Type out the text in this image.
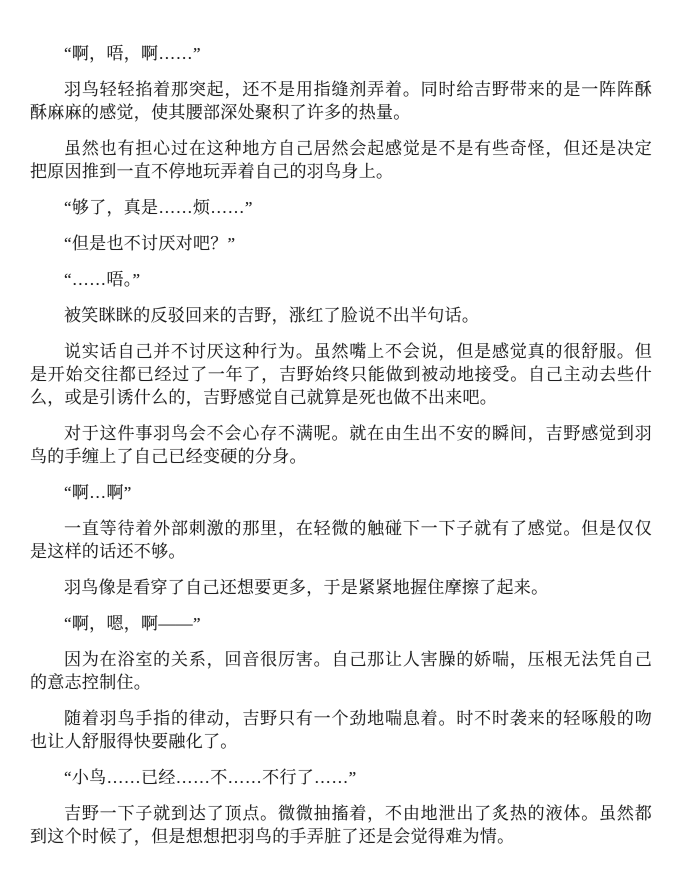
“啊，唔，啊……”

羽鸟轻轻掐着那突起，还不是用指缝剂弄着。同时给吉野带来的是一阵阵酥酥麻麻的感觉，使其腰部深处聚积了许多的热量。

虽然也有担心过在这种地方自己居然会起感觉是不是有些奇怪，但还是决定把原因推到一直不停地玩弄着自己的羽鸟身上。

“够了，真是……烦……”

“但是也不讨厌对吧？”

“……唔。”

被笑眯眯的反驳回来的吉野，涨红了脸说不出半句话。

说实话自己并不讨厌这种行为。虽然嘴上不会说，但是感觉真的很舒服。但是开始交往都已经过了一年了，吉野始终只能做到被动地接受。自己主动去些什么，或是引诱什么的，吉野感觉自己就算是死也做不出来吧。

对于这件事羽鸟会不会心存不满呢。就在由生出不安的瞬间，吉野感觉到羽鸟的手缠上了自己已经变硬的分身。

“啊…啊”

一直等待着外部刺激的那里，在轻微的触碰下一下子就有了感觉。但是仅仅是这样的话还不够。

羽鸟像是看穿了自己还想要更多，于是紧紧地握住摩擦了起来。

“啊，嗯，啊——”

因为在浴室的关系，回音很厉害。自己那让人害臊的娇喘，压根无法凭自己的意志控制住。

随着羽鸟手指的律动，吉野只有一个劲地喘息着。时不时袭来的轻啄般的吻也让人舒服得快要融化了。

“小鸟……已经……不……不行了……”

吉野一下子就到达了顶点。微微抽搐着，不由地泄出了炙热的液体。虽然都到这个时候了，但是想想把羽鸟的手弄脏了还是会觉得难为情。
